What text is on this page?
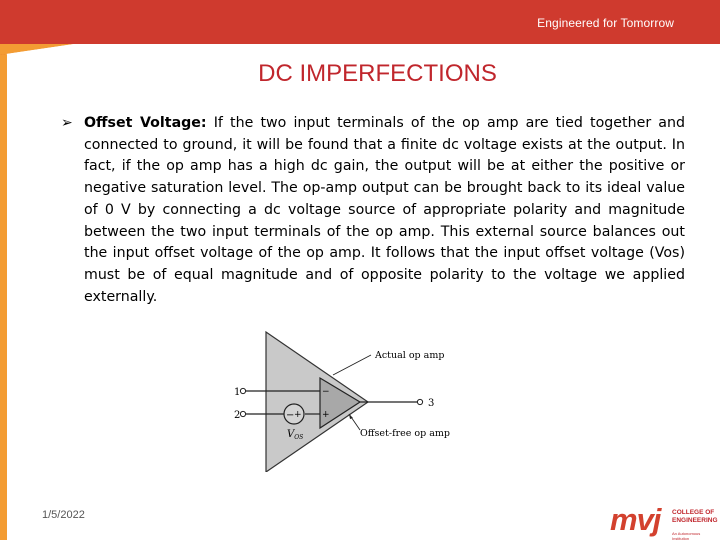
Engineered for Tomorrow
DC IMPERFECTIONS
➢ Offset Voltage: If the two input terminals of the op amp are tied together and connected to ground, it will be found that a finite dc voltage exists at the output. In fact, if the op amp has a high dc gain, the output will be at either the positive or negative saturation level. The op-amp output can be brought back to its ideal value of 0 V by connecting a dc voltage source of appropriate polarity and magnitude between the two input terminals of the op amp. This external source balances out the input offset voltage of the op amp. It follows that the input offset voltage (Vos) must be of equal magnitude and of opposite polarity to the voltage we applied externally.
− +
$V_{OS}$
−
+
1
2
3
Actual op amp
Offset-free op amp
1/5/2022	mvj COLLEGE OF
ENGINEERING
An Autonomous Institution
